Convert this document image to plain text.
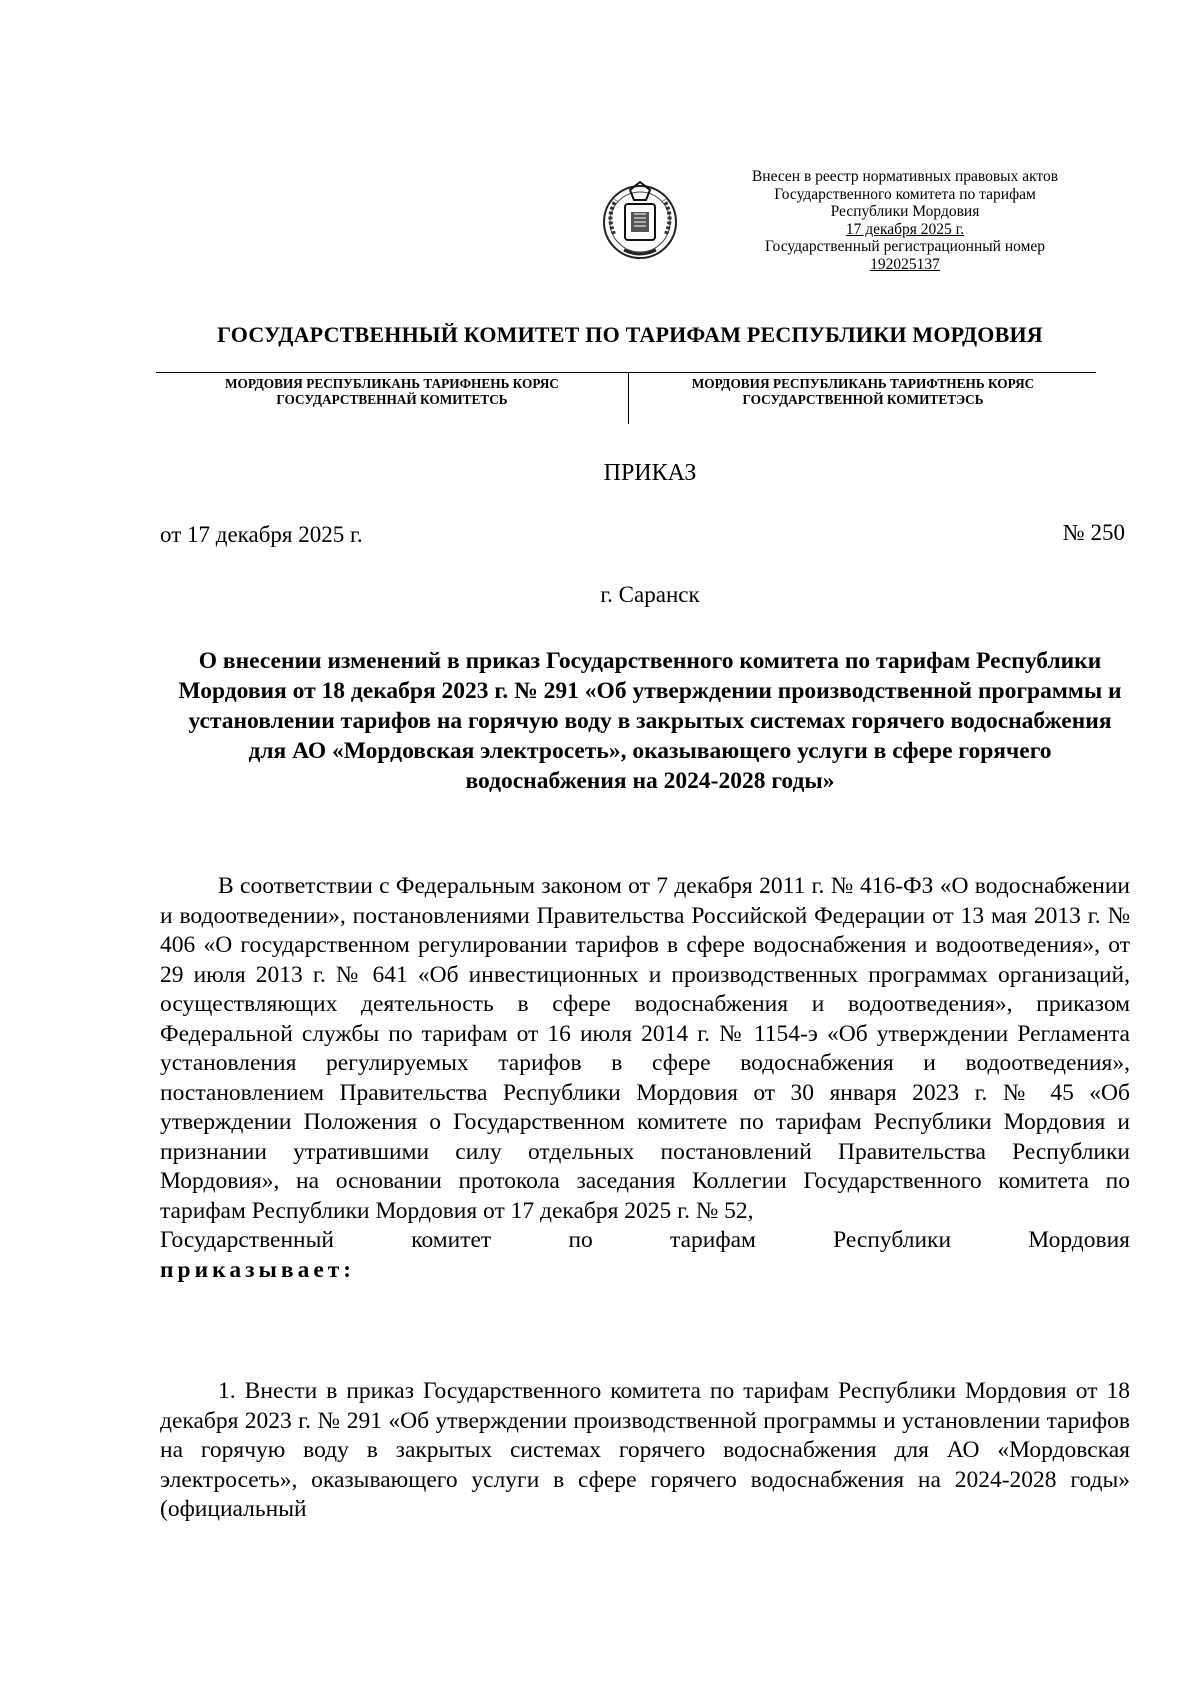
Внесен в реестр нормативных правовых актов
Государственного комитета по тарифам
Республики Мордовия
17 декабря 2025 г.
Государственный регистрационный номер
192025137
ГОСУДАРСТВЕННЫЙ КОМИТЕТ ПО ТАРИФАМ РЕСПУБЛИКИ МОРДОВИЯ
МОРДОВИЯ РЕСПУБЛИКАНЬ ТАРИФНЕНЬ КОРЯС
ГОСУДАРСТВЕННАЙ КОМИТЕТСЬ
МОРДОВИЯ РЕСПУБЛИКАНЬ ТАРИФТНЕНЬ КОРЯС
ГОСУДАРСТВЕННОЙ КОМИТЕТЭСЬ
ПРИКАЗ
от 17 декабря 2025 г.	№ 250
г. Саранск
О внесении изменений в приказ Государственного комитета по тарифам Республики Мордовия от 18 декабря 2023 г. № 291 «Об утверждении производственной программы и установлении тарифов на горячую воду в закрытых системах горячего водоснабжения для АО «Мордовская электросеть», оказывающего услуги в сфере горячего водоснабжения на 2024-2028 годы»
В соответствии с Федеральным законом от 7 декабря 2011 г. № 416-ФЗ «О водоснабжении и водоотведении», постановлениями Правительства Российской Федерации от 13 мая 2013 г. № 406 «О государственном регулировании тарифов в сфере водоснабжения и водоотведения», от 29 июля 2013 г. № 641 «Об инвестиционных и производственных программах организаций, осуществляющих деятельность в сфере водоснабжения и водоотведения», приказом Федеральной службы по тарифам от 16 июля 2014 г. № 1154-э «Об утверждении Регламента установления регулируемых тарифов в сфере водоснабжения и водоотведения», постановлением Правительства Республики Мордовия от 30 января 2023 г. № 45 «Об утверждении Положения о Государственном комитете по тарифам Республики Мордовия и признании утратившими силу отдельных постановлений Правительства Республики Мордовия», на основании протокола заседания Коллегии Государственного комитета по тарифам Республики Мордовия от 17 декабря 2025 г. № 52,
Государственный комитет по тарифам Республики Мордовия
приказывает:
1. Внести в приказ Государственного комитета по тарифам Республики Мордовия от 18 декабря 2023 г. № 291 «Об утверждении производственной программы и установлении тарифов на горячую воду в закрытых системах горячего водоснабжения для АО «Мордовская электросеть», оказывающего услуги в сфере горячего водоснабжения на 2024-2028 годы» (официальный
